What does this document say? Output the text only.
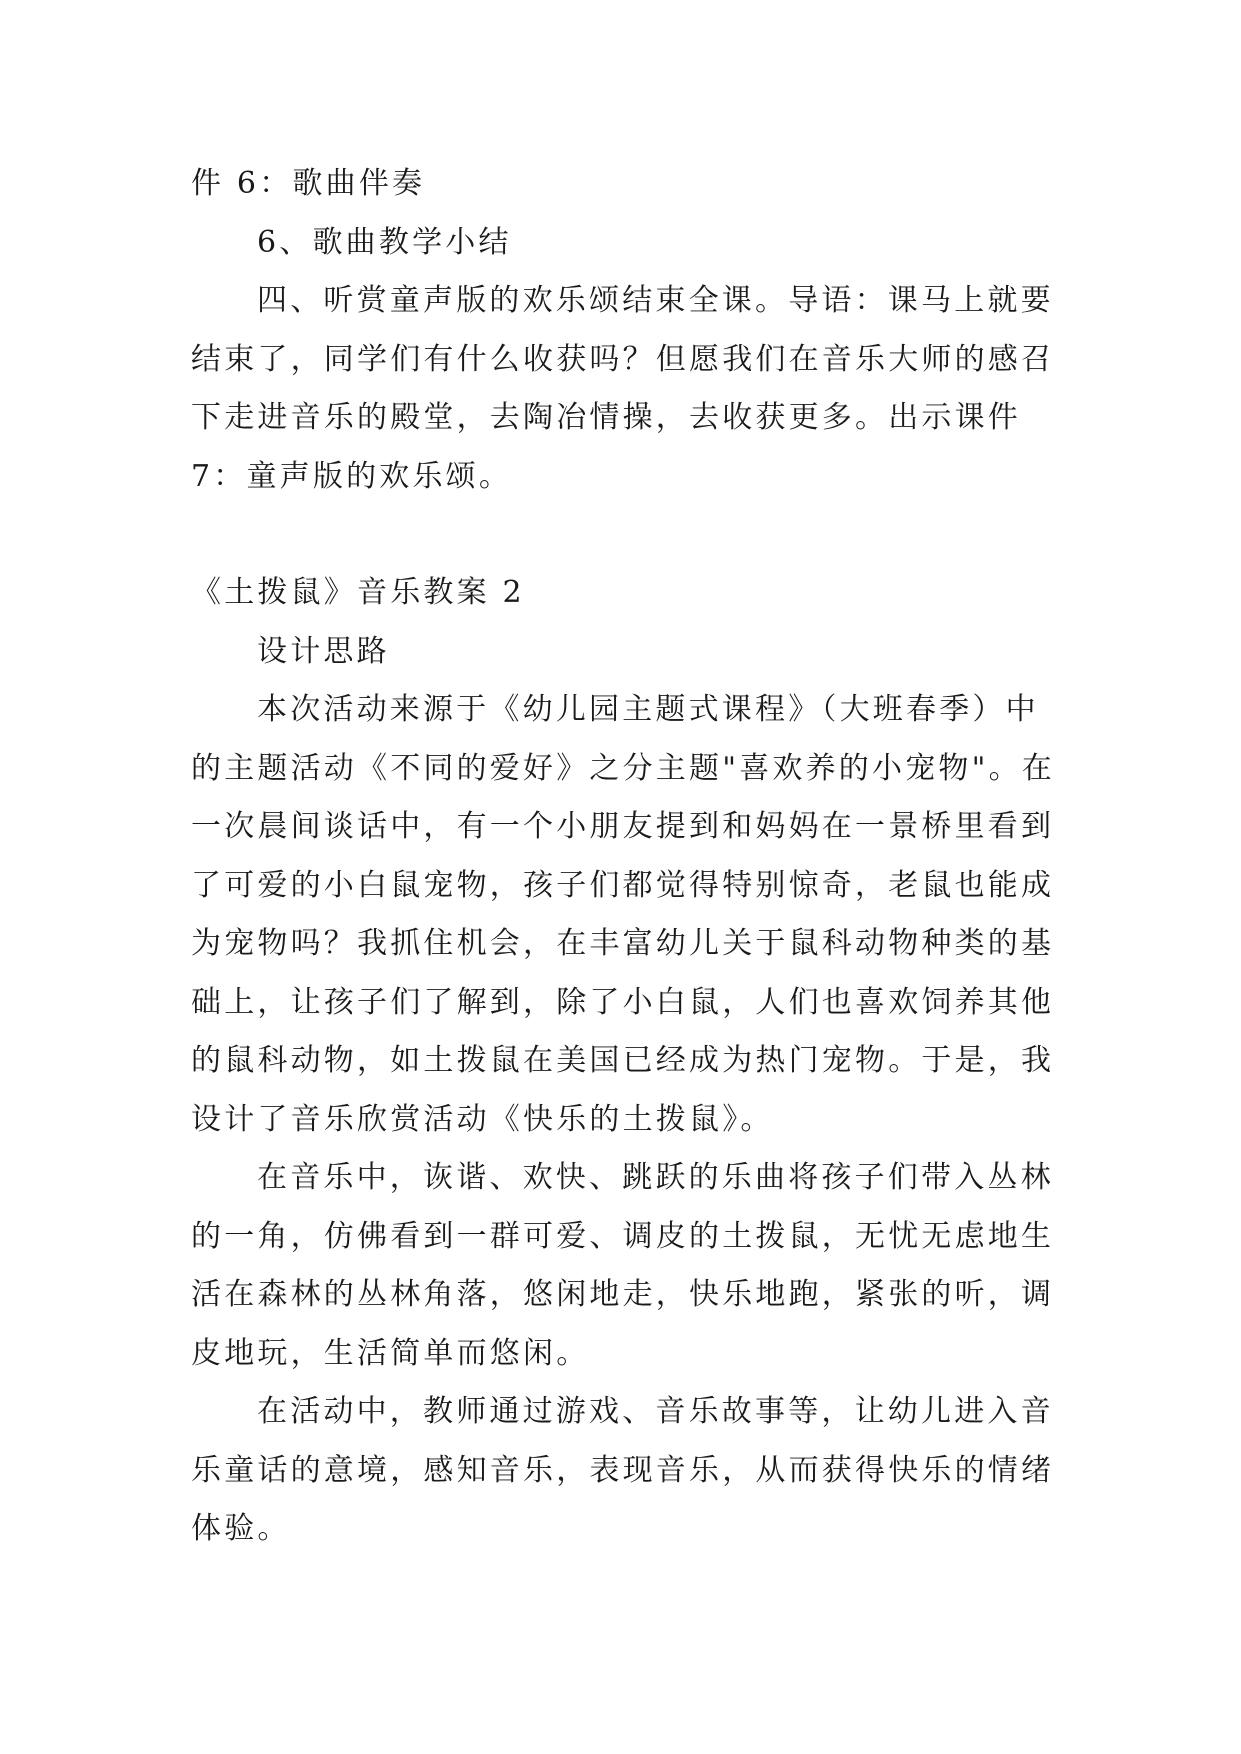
件 6：歌曲伴奏

6、歌曲教学小结

四、听赏童声版的欢乐颂结束全课。导语：课马上就要结束了，同学们有什么收获吗？但愿我们在音乐大师的感召下走进音乐的殿堂，去陶冶情操，去收获更多。出示课件 7：童声版的欢乐颂。

《土拨鼠》音乐教案 2

设计思路

本次活动来源于《幼儿园主题式课程》（大班春季）中的主题活动《不同的爱好》之分主题"喜欢养的小宠物"。在一次晨间谈话中，有一个小朋友提到和妈妈在一景桥里看到了可爱的小白鼠宠物，孩子们都觉得特别惊奇，老鼠也能成为宠物吗？我抓住机会，在丰富幼儿关于鼠科动物种类的基础上，让孩子们了解到，除了小白鼠，人们也喜欢饲养其他的鼠科动物，如土拨鼠在美国已经成为热门宠物。于是，我设计了音乐欣赏活动《快乐的土拨鼠》。

在音乐中，诙谐、欢快、跳跃的乐曲将孩子们带入丛林的一角，仿佛看到一群可爱、调皮的土拨鼠，无忧无虑地生活在森林的丛林角落，悠闲地走，快乐地跑，紧张的听，调皮地玩，生活简单而悠闲。

在活动中，教师通过游戏、音乐故事等，让幼儿进入音乐童话的意境，感知音乐，表现音乐，从而获得快乐的情绪体验。
